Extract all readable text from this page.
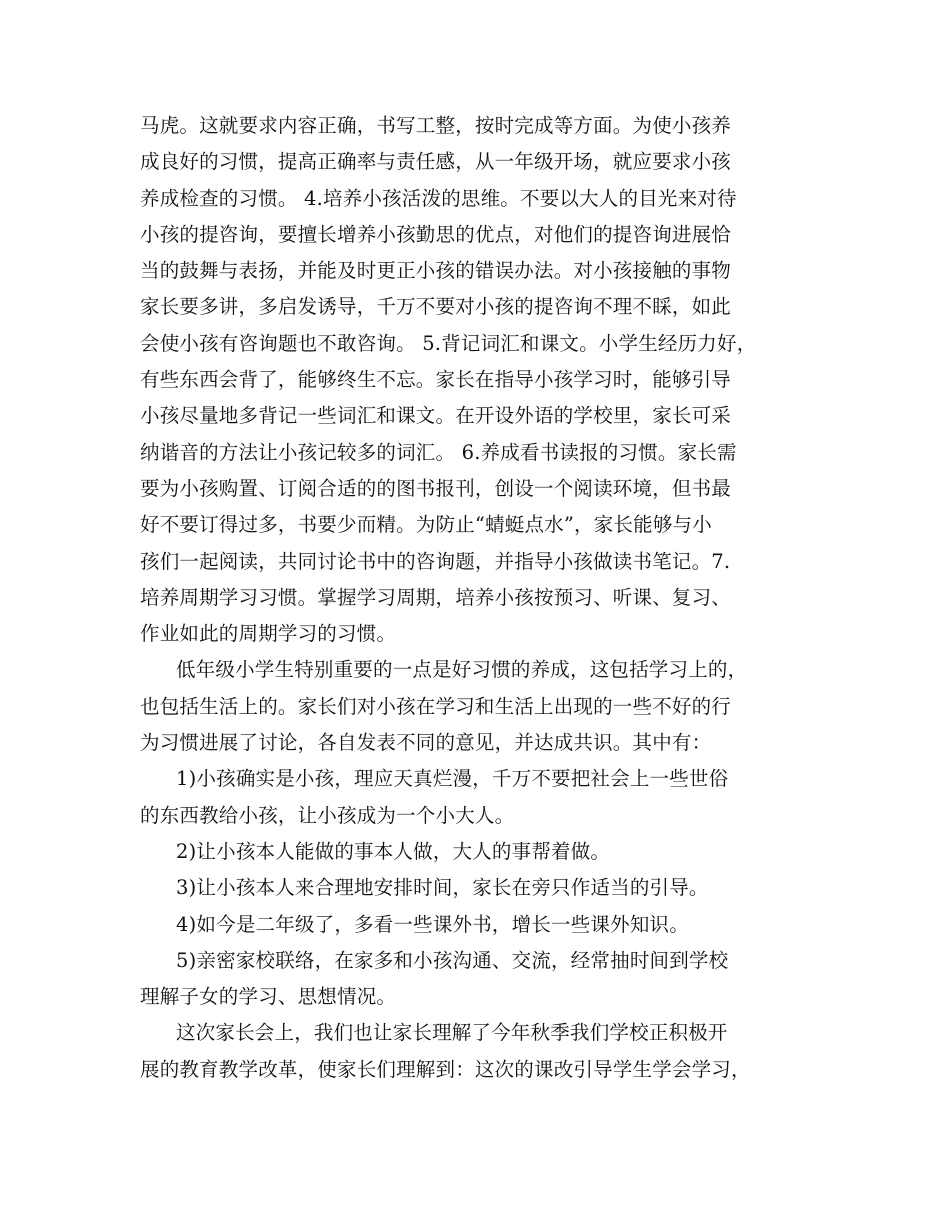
马虎。这就要求内容正确，书写工整，按时完成等方面。为使小孩养
成良好的习惯，提高正确率与责任感，从一年级开场，就应要求小孩
养成检查的习惯。 4.培养小孩活泼的思维。不要以大人的目光来对待
小孩的提咨询，要擅长增养小孩勤思的优点，对他们的提咨询进展恰
当的鼓舞与表扬，并能及时更正小孩的错误办法。对小孩接触的事物
家长要多讲，多启发诱导，千万不要对小孩的提咨询不理不睬，如此
会使小孩有咨询题也不敢咨询。 5.背记词汇和课文。小学生经历力好，
有些东西会背了，能够终生不忘。家长在指导小孩学习时，能够引导
小孩尽量地多背记一些词汇和课文。在开设外语的学校里，家长可采
纳谐音的方法让小孩记较多的词汇。 6.养成看书读报的习惯。家长需
要为小孩购置、订阅合适的的图书报刊，创设一个阅读环境，但书最
好不要订得过多，书要少而精。为防止“蜻蜓点水”，家长能够与小
孩们一起阅读，共同讨论书中的咨询题，并指导小孩做读书笔记。7.
培养周期学习习惯。掌握学习周期，培养小孩按预习、听课、复习、
作业如此的周期学习的习惯。
低年级小学生特别重要的一点是好习惯的养成，这包括学习上的，
也包括生活上的。家长们对小孩在学习和生活上出现的一些不好的行
为习惯进展了讨论，各自发表不同的意见，并达成共识。其中有：
1)小孩确实是小孩，理应天真烂漫，千万不要把社会上一些世俗
的东西教给小孩，让小孩成为一个小大人。
2)让小孩本人能做的事本人做，大人的事帮着做。
3)让小孩本人来合理地安排时间，家长在旁只作适当的引导。
4)如今是二年级了，多看一些课外书，增长一些课外知识。
5)亲密家校联络，在家多和小孩沟通、交流，经常抽时间到学校
理解子女的学习、思想情况。
这次家长会上，我们也让家长理解了今年秋季我们学校正积极开
展的教育教学改革，使家长们理解到：这次的课改引导学生学会学习，
